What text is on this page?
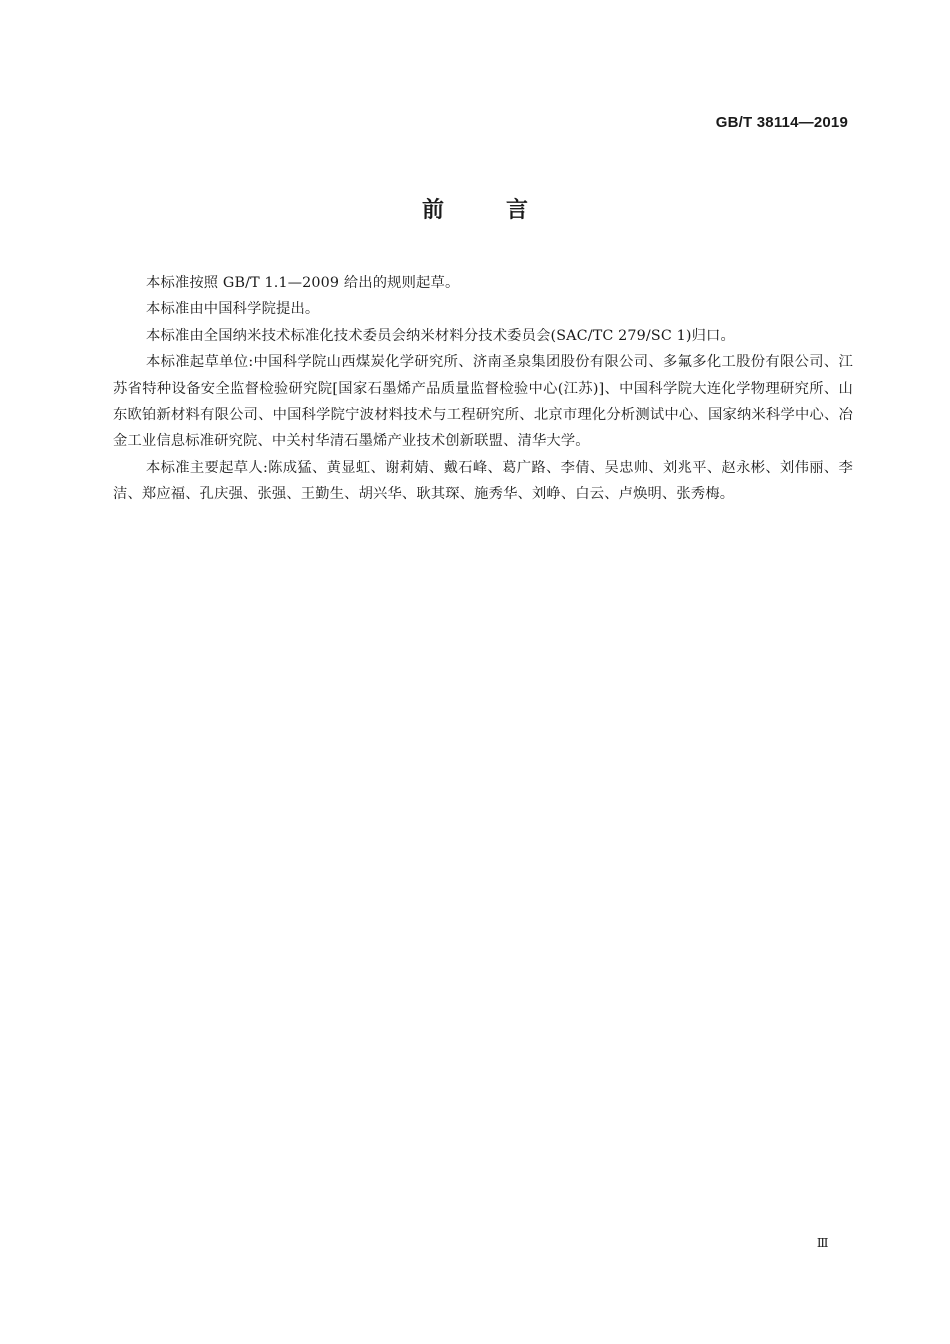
GB/T 38114—2019
前言

本标准按照 GB/T 1.1—2009 给出的规则起草。

本标准由中国科学院提出。

本标准由全国纳米技术标准化技术委员会纳米材料分技术委员会(SAC/TC 279/SC 1)归口。

本标准起草单位:中国科学院山西煤炭化学研究所、济南圣泉集团股份有限公司、多氟多化工股份有限公司、江苏省特种设备安全监督检验研究院[国家石墨烯产品质量监督检验中心(江苏)]、中国科学院大连化学物理研究所、山东欧铂新材料有限公司、中国科学院宁波材料技术与工程研究所、北京市理化分析测试中心、国家纳米科学中心、冶金工业信息标准研究院、中关村华清石墨烯产业技术创新联盟、清华大学。

本标准主要起草人:陈成猛、黄显虹、谢莉婧、戴石峰、葛广路、李倩、吴忠帅、刘兆平、赵永彬、刘伟丽、李洁、郑应福、孔庆强、张强、王勤生、胡兴华、耿其琛、施秀华、刘峥、白云、卢焕明、张秀梅。

Ⅲ
